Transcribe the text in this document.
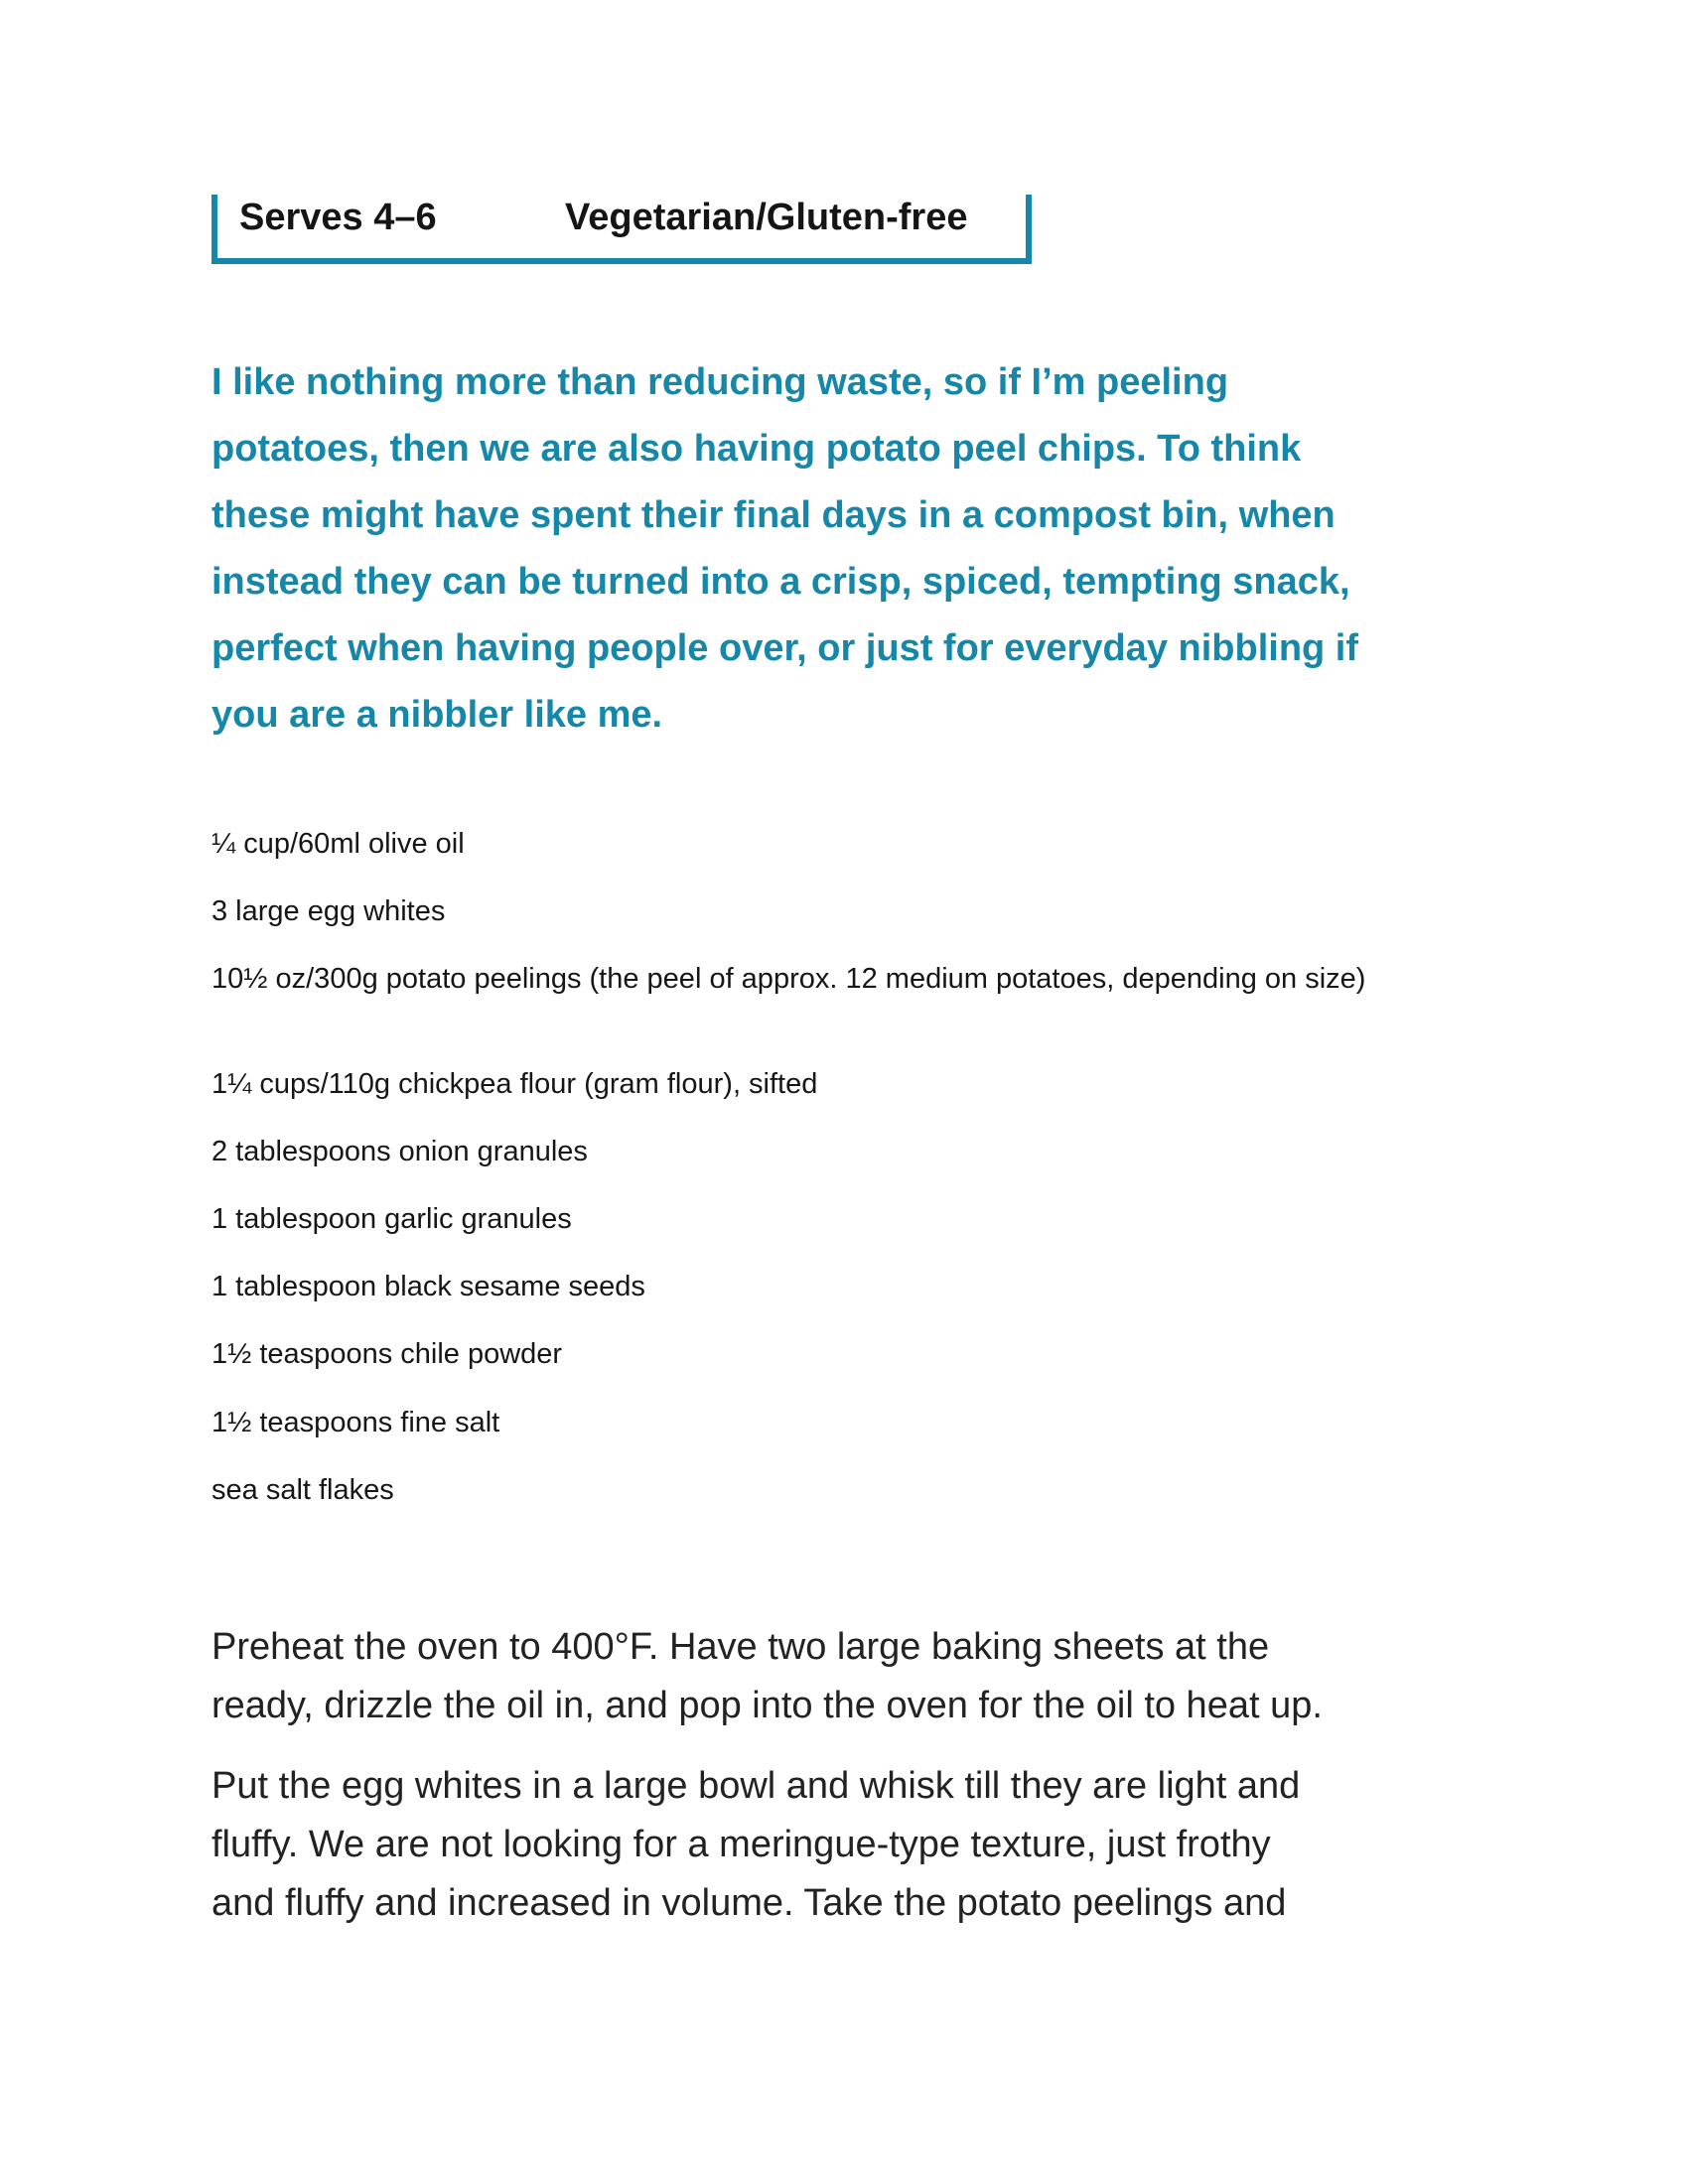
Serves 4–6	Vegetarian/Gluten-free

I like nothing more than reducing waste, so if I’m peeling
potatoes, then we are also having potato peel chips. To think
these might have spent their final days in a compost bin, when
instead they can be turned into a crisp, spiced, tempting snack,
perfect when having people over, or just for everyday nibbling if
you are a nibbler like me.

¼ cup/60ml olive oil
3 large egg whites
10½ oz/300g potato peelings (the peel of approx. 12 medium potatoes, depending on size)
1¼ cups/110g chickpea flour (gram flour), sifted
2 tablespoons onion granules
1 tablespoon garlic granules
1 tablespoon black sesame seeds
1½ teaspoons chile powder
1½ teaspoons fine salt
sea salt flakes

Preheat the oven to 400°F. Have two large baking sheets at the
ready, drizzle the oil in, and pop into the oven for the oil to heat up.

Put the egg whites in a large bowl and whisk till they are light and
fluffy. We are not looking for a meringue-type texture, just frothy
and fluffy and increased in volume. Take the potato peelings and
